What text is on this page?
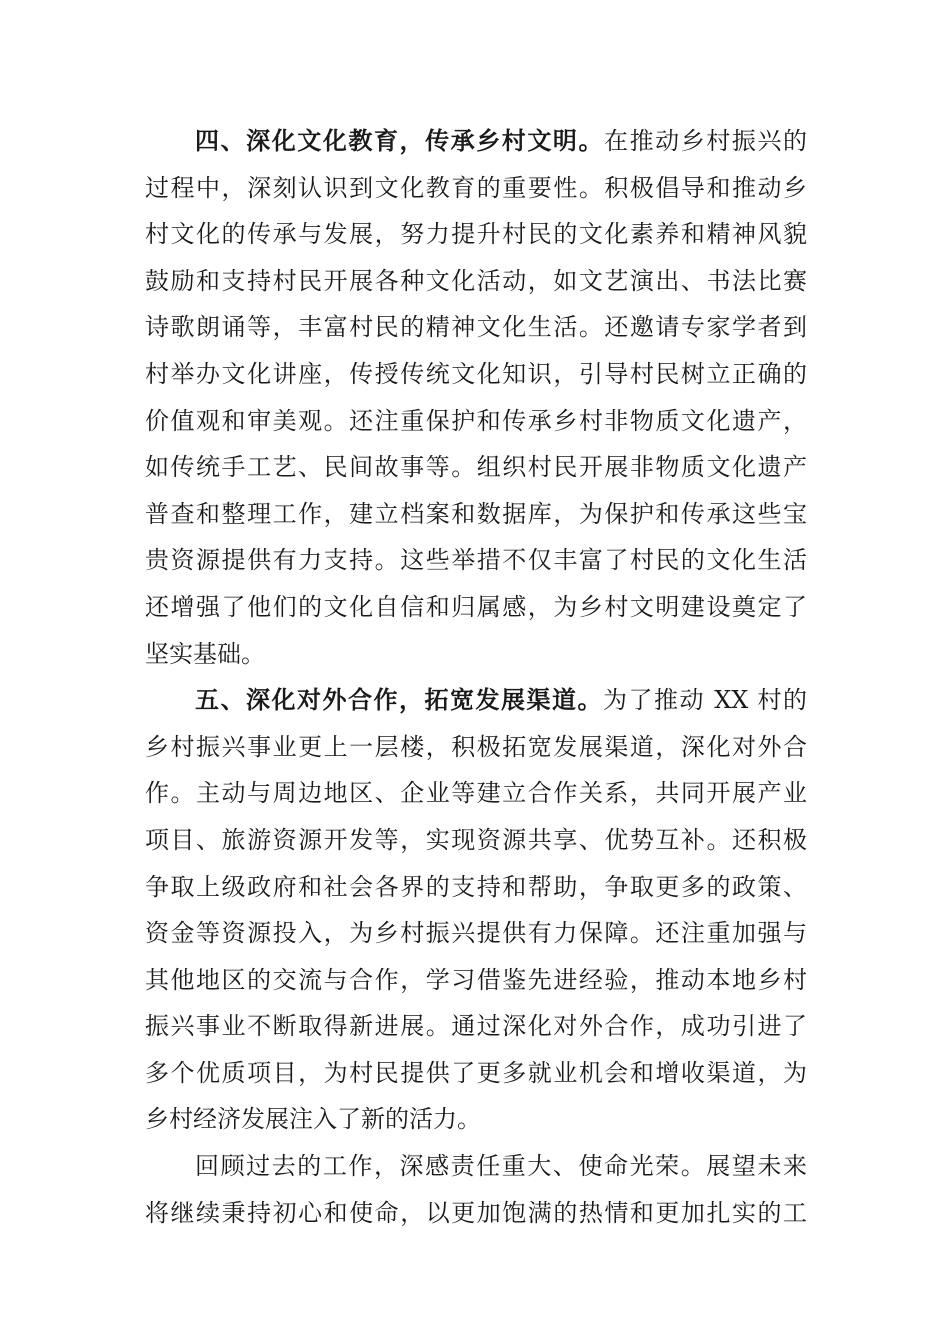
四、深化文化教育，传承乡村文明。在推动乡村振兴的
过程中，深刻认识到文化教育的重要性。积极倡导和推动乡
村文化的传承与发展，努力提升村民的文化素养和精神风貌
鼓励和支持村民开展各种文化活动，如文艺演出、书法比赛
诗歌朗诵等，丰富村民的精神文化生活。还邀请专家学者到
村举办文化讲座，传授传统文化知识，引导村民树立正确的
价值观和审美观。还注重保护和传承乡村非物质文化遗产，
如传统手工艺、民间故事等。组织村民开展非物质文化遗产
普查和整理工作，建立档案和数据库，为保护和传承这些宝
贵资源提供有力支持。这些举措不仅丰富了村民的文化生活
还增强了他们的文化自信和归属感，为乡村文明建设奠定了
坚实基础。
五、深化对外合作，拓宽发展渠道。为了推动 XX 村的
乡村振兴事业更上一层楼，积极拓宽发展渠道，深化对外合
作。主动与周边地区、企业等建立合作关系，共同开展产业
项目、旅游资源开发等，实现资源共享、优势互补。还积极
争取上级政府和社会各界的支持和帮助，争取更多的政策、
资金等资源投入，为乡村振兴提供有力保障。还注重加强与
其他地区的交流与合作，学习借鉴先进经验，推动本地乡村
振兴事业不断取得新进展。通过深化对外合作，成功引进了
多个优质项目，为村民提供了更多就业机会和增收渠道，为
乡村经济发展注入了新的活力。
回顾过去的工作，深感责任重大、使命光荣。展望未来
将继续秉持初心和使命，以更加饱满的热情和更加扎实的工
